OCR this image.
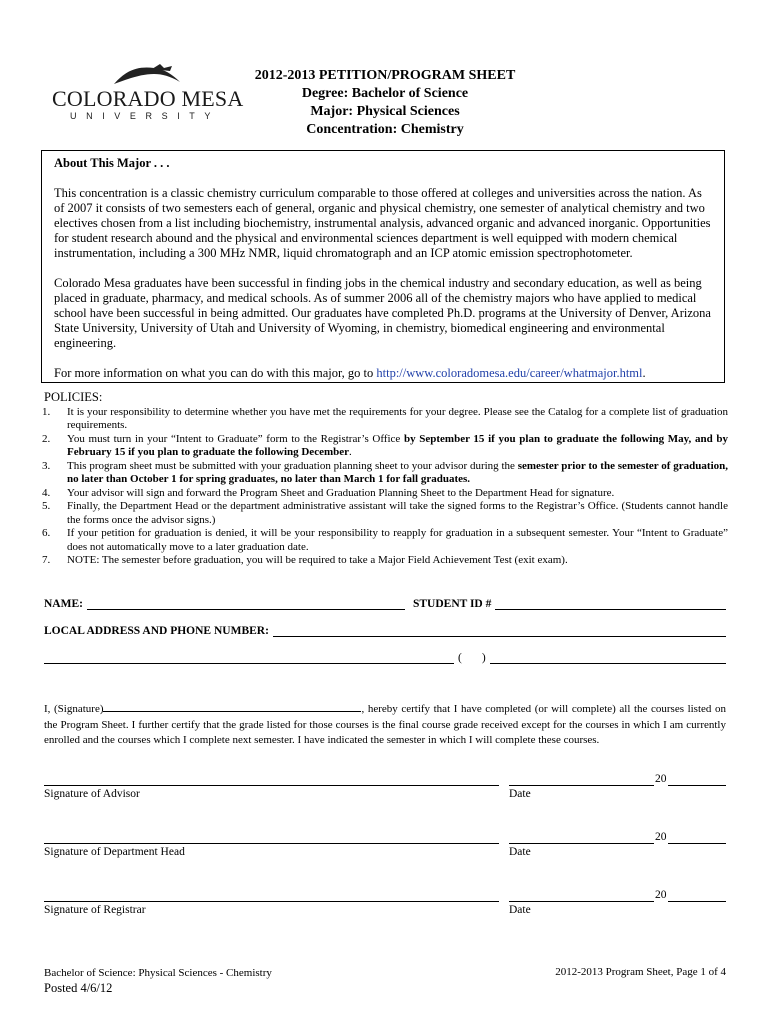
COLORADO MESA
UNIVERSITY
2012-2013 PETITION/PROGRAM SHEET
Degree: Bachelor of Science
Major: Physical Sciences
Concentration: Chemistry

About This Major . . .

This concentration is a classic chemistry curriculum comparable to those offered at colleges and universities across the nation. As of 2007 it consists of two semesters each of general, organic and physical chemistry, one semester of analytical chemistry and two electives chosen from a list including biochemistry, instrumental analysis, advanced organic and advanced inorganic. Opportunities for student research abound and the physical and environmental sciences department is well equipped with modern chemical instrumentation, including a 300 MHz NMR, liquid chromatograph and an ICP atomic emission spectrophotometer.

Colorado Mesa graduates have been successful in finding jobs in the chemical industry and secondary education, as well as being placed in graduate, pharmacy, and medical schools. As of summer 2006 all of the chemistry majors who have applied to medical school have been successful in being admitted. Our graduates have completed Ph.D. programs at the University of Denver, Arizona State University, University of Utah and University of Wyoming, in chemistry, biomedical engineering and environmental engineering.

For more information on what you can do with this major, go to http://www.coloradomesa.edu/career/whatmajor.html.

POLICIES:
1.	It is your responsibility to determine whether you have met the requirements for your degree. Please see the Catalog for a complete list of graduation requirements.
2.	You must turn in your “Intent to Graduate” form to the Registrar’s Office by September 15 if you plan to graduate the following May, and by February 15 if you plan to graduate the following December.
3.	This program sheet must be submitted with your graduation planning sheet to your advisor during the semester prior to the semester of graduation, no later than October 1 for spring graduates, no later than March 1 for fall graduates.
4.	Your advisor will sign and forward the Program Sheet and Graduation Planning Sheet to the Department Head for signature.
5.	Finally, the Department Head or the department administrative assistant will take the signed forms to the Registrar’s Office. (Students cannot handle the forms once the advisor signs.)
6.	If your petition for graduation is denied, it will be your responsibility to reapply for graduation in a subsequent semester. Your “Intent to Graduate” does not automatically move to a later graduation date.
7.	NOTE: The semester before graduation, you will be required to take a Major Field Achievement Test (exit exam).
NAME:	STUDENT ID #
LOCAL ADDRESS AND PHONE NUMBER:
( )
I, (Signature)	, hereby certify that I have completed (or will complete) all the courses listed on the Program Sheet. I further certify that the grade listed for those courses is the final course grade received except for the courses in which I am currently enrolled and the courses which I complete next semester. I have indicated the semester in which I will complete these courses.
Signature of Advisor
20
Date
Signature of Department Head
20
Date
Signature of Registrar
20
Date
Bachelor of Science: Physical Sciences - Chemistry
Posted 4/6/12
2012-2013 Program Sheet, Page 1 of 4
